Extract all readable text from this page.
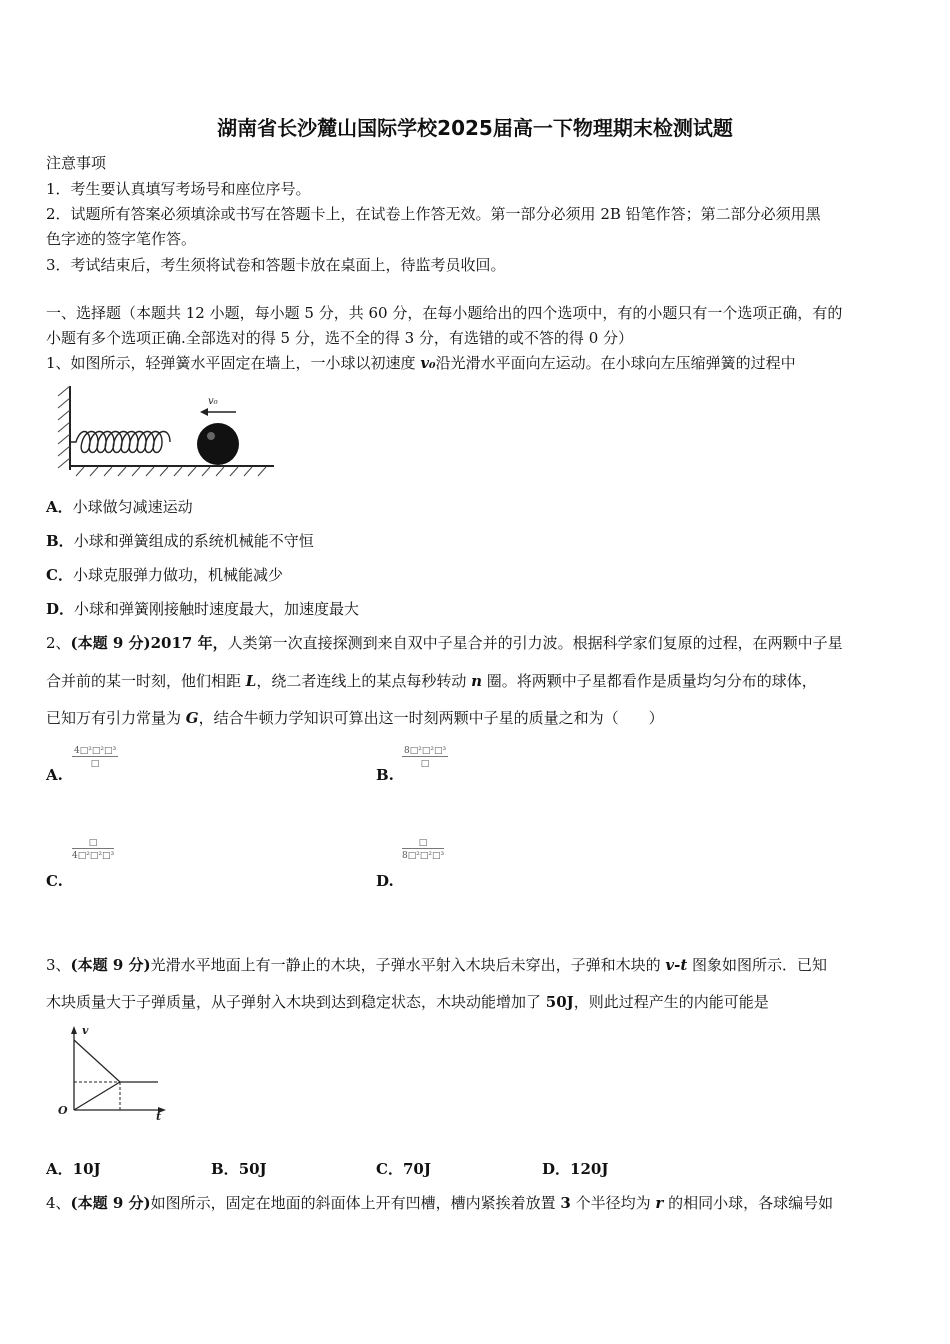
湖南省长沙麓山国际学校2025届高一下物理期末检测试题
注意事项
1．考生要认真填写考场号和座位序号。
2．试题所有答案必须填涂或书写在答题卡上，在试卷上作答无效。第一部分必须用 2B 铅笔作答；第二部分必须用黑
色字迹的签字笔作答。
3．考试结束后，考生须将试卷和答题卡放在桌面上，待监考员收回。
一、选择题（本题共 12 小题，每小题 5 分，共 60 分，在每小题给出的四个选项中，有的小题只有一个选项正确，有的
小题有多个选项正确.全部选对的得 5 分，选不全的得 3 分，有选错的或不答的得 0 分）
1、如图所示，轻弹簧水平固定在墙上，一小球以初速度 v₀沿光滑水平面向左运动。在小球向左压缩弹簧的过程中
v₀
A．小球做匀减速运动
B．小球和弹簧组成的系统机械能不守恒
C．小球克服弹力做功，机械能减少
D．小球和弹簧刚接触时速度最大，加速度最大
2、(本题 9 分)2017 年，人类第一次直接探测到来自双中子星合并的引力波。根据科学家们复原的过程，在两颗中子星
合并前的某一时刻，他们相距 L，绕二者连线上的某点每秒转动 n 圈。将两颗中子星都看作是质量均匀分布的球体，
已知万有引力常量为 G，结合牛顿力学知识可算出这一时刻两颗中子星的质量之和为（　　）
A.
4□²□²□³
□
B.
8□²□²□³
□
C.
□
4□²□²□³
D.
□
8□²□²□³
3、(本题 9 分)光滑水平地面上有一静止的木块，子弹水平射入木块后未穿出，子弹和木块的 v-t 图象如图所示．已知
木块质量大于子弹质量，从子弹射入木块到达到稳定状态，木块动能增加了 50J，则此过程产生的内能可能是
v
O	t
A．10J	B．50J	C．70J	D．120J
4、(本题 9 分)如图所示，固定在地面的斜面体上开有凹槽，槽内紧挨着放置 3 个半径均为 r 的相同小球，各球编号如
